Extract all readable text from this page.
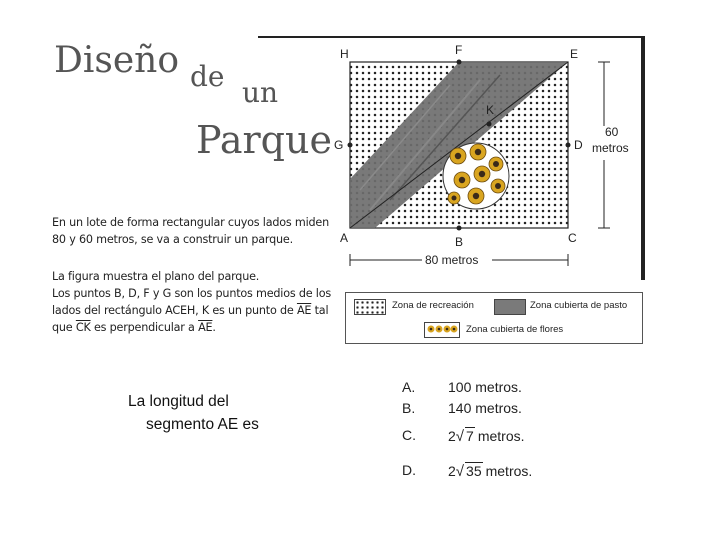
Diseño de un
Parque
En un lote de forma rectangular cuyos lados miden 80 y 60 metros, se va a construir un parque.
La figura muestra el plano del parque.
Los puntos B, D, F y G son los puntos medios de los lados del rectángulo ACEH, K es un punto de $\overline{AE}$ tal que $\overline{CK}$ es perpendicular a $\overline{AE}$.
H	F	E
G	D
K
A	B	C
60
metros
80 metros
Zona de recreación	Zona cubierta de pasto
Zona cubierta de flores
La longitud del
segmento AE es
A. 100 metros.
B. 140 metros.
C. 2√ 7 metros.
D. 2√ 35 metros.
